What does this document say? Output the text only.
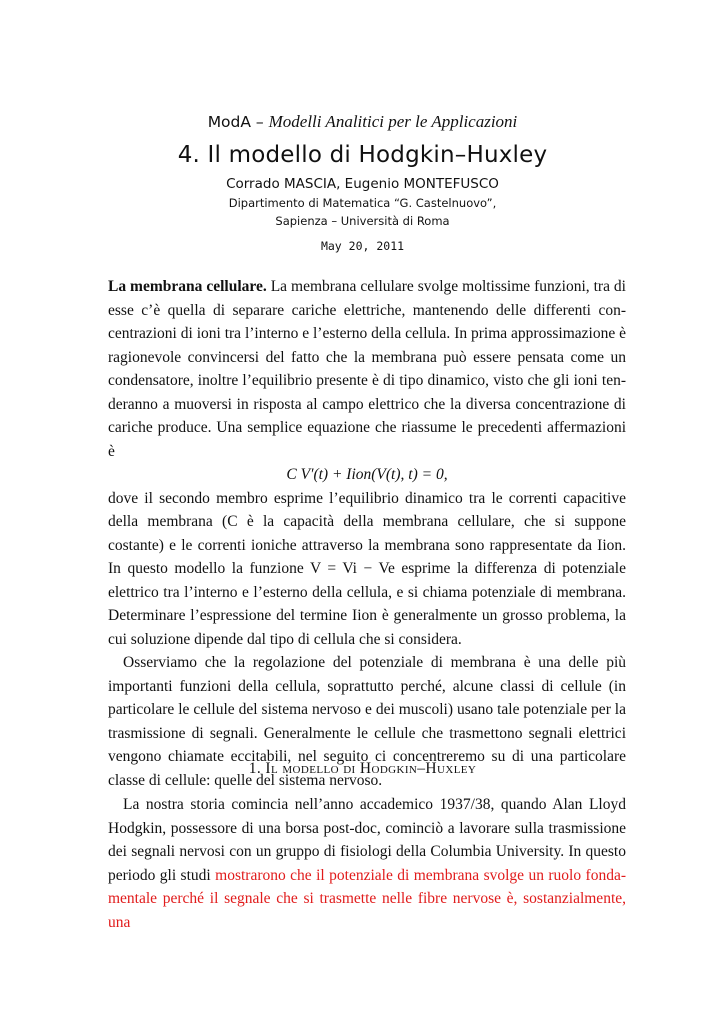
ModA – Modelli Analitici per le Applicazioni
4. Il modello di Hodgkin–Huxley
Corrado MASCIA, Eugenio MONTEFUSCO
Dipartimento di Matematica “G. Castelnuovo”,
Sapienza – Università di Roma
May 20, 2011

La membrana cellulare. La membrana cellulare svolge moltissime funzioni, tra di esse c’è quella di separare cariche elettriche, mantenendo delle differenti concentrazioni di ioni tra l’interno e l’esterno della cellula. In prima approssimazione è ragionevole convincersi del fatto che la membrana può essere pensata come un condensatore, inoltre l’equilibrio presente è di tipo dinamico, visto che gli ioni tenderanno a muoversi in risposta al campo elettrico che la diversa concentrazione di cariche produce. Una semplice equazione che riassume le precedenti affermazioni è

C V′(t) + Iion(V(t), t) = 0,

dove il secondo membro esprime l’equilibrio dinamico tra le correnti capacitive della membrana (C è la capacità della membrana cellulare, che si suppone costante) e le correnti ioniche attraverso la membrana sono rappresentate da Iion. In questo modello la funzione V = Vi − Ve esprime la differenza di potenziale elettrico tra l’interno e l’esterno della cellula, e si chiama potenziale di membrana. Determinare l’espressione del termine Iion è generalmente un grosso problema, la cui soluzione dipende dal tipo di cellula che si considera.

Osserviamo che la regolazione del potenziale di membrana è una delle più importanti funzioni della cellula, soprattutto perché, alcune classi di cellule (in particolare le cellule del sistema nervoso e dei muscoli) usano tale potenziale per la trasmissione di segnali. Generalmente le cellule che trasmettono segnali elettrici vengono chiamate eccitabili, nel seguito ci concentreremo su di una particolare classe di cellule: quelle del sistema nervoso.

1. Il modello di Hodgkin–Huxley

La nostra storia comincia nell’anno accademico 1937/38, quando Alan Lloyd Hodgkin, possessore di una borsa post-doc, cominciò a lavorare sulla trasmissione dei segnali nervosi con un gruppo di fisiologi della Columbia University. In questo periodo gli studi mostrarono che il potenziale di membrana svolge un ruolo fondamentale perché il segnale che si trasmette nelle fibre nervose è, sostanzialmente, una
